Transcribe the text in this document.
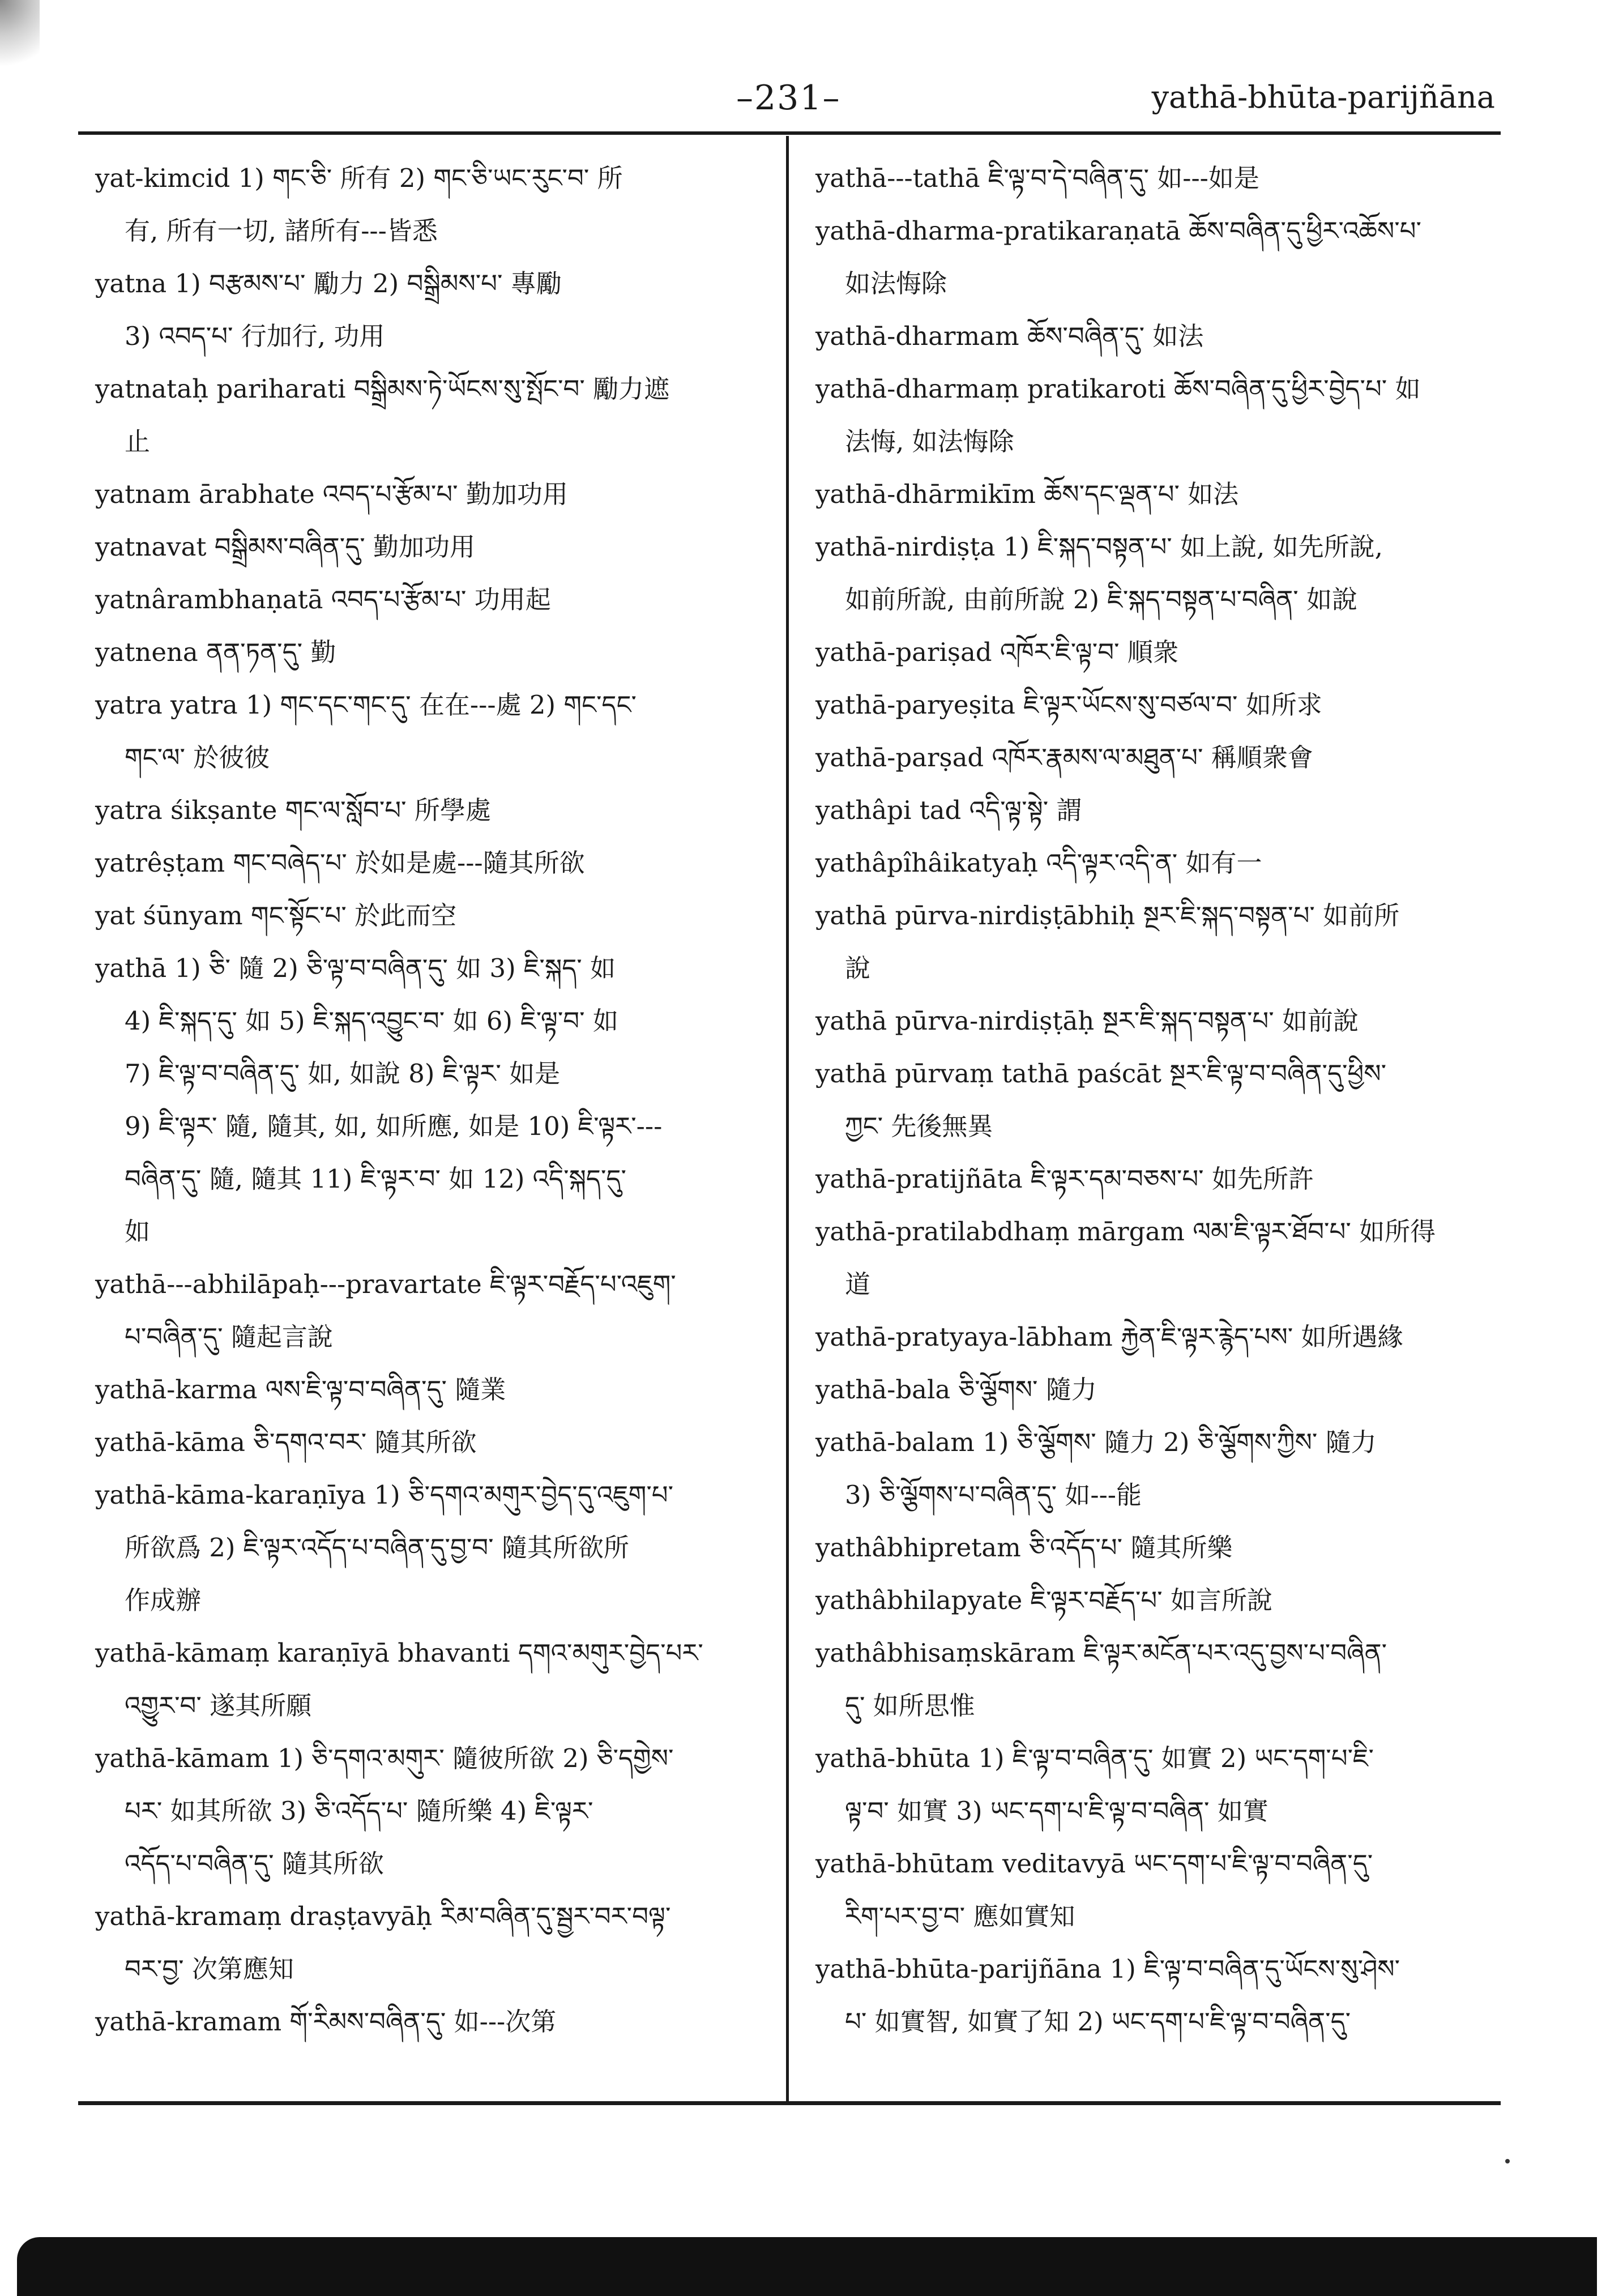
–231–	yathā-bhūta-parijñāna
yat-kimcid 1) གང་ཅི་ 所有 2) གང་ཅི་ཡང་རུང་བ་ 所

有, 所有一切, 諸所有---皆悉
yatna 1) བརྩམས་པ་ 勵力 2) བསྒྲིམས་པ་ 專勵

3) འབད་པ་ 行加行, 功用
yatnataḥ pariharati བསྒྲིམས་ཏེ་ཡོངས་སུ་སྤོང་བ་ 勵力遮

止
yatnam ārabhate འབད་པ་རྩོམ་པ་ 勤加功用
yatnavat བསྒྲིམས་བཞིན་དུ་ 勤加功用
yatnârambhaṇatā འབད་པ་རྩོམ་པ་ 功用起
yatnena ནན་ཏན་དུ་ 勤
yatra yatra 1) གང་དང་གང་དུ་ 在在---處 2) གང་དང་

གང་ལ་ 於彼彼
yatra śikṣante གང་ལ་སློབ་པ་ 所學處
yatrêṣṭam གང་བཞེད་པ་ 於如是處---隨其所欲
yat śūnyam གང་སྟོང་པ་ 於此而空
yathā 1) ཅི་ 隨 2) ཅི་ལྟ་བ་བཞིན་དུ་ 如 3) ཇི་སྐད་ 如

4) ཇི་སྐད་དུ་ 如 5) ཇི་སྐད་འབྱུང་བ་ 如 6) ཇི་ལྟ་བ་ 如
7) ཇི་ལྟ་བ་བཞིན་དུ་ 如, 如說 8) ཇི་ལྟར་ 如是
9) ཇི་ལྟར་ 隨, 隨其, 如, 如所應, 如是 10) ཇི་ལྟར་---
བཞིན་དུ་ 隨, 隨其 11) ཇི་ལྟར་བ་ 如 12) འདི་སྐད་དུ་
如
yathā---abhilāpaḥ---pravartate ཇི་ལྟར་བརྗོད་པ་འཇུག་

པ་བཞིན་དུ་ 隨起言說
yathā-karma ལས་ཇི་ལྟ་བ་བཞིན་དུ་ 隨業
yathā-kāma ཅི་དགའ་བར་ 隨其所欲
yathā-kāma-karaṇīya 1) ཅི་དགའ་མགུར་བྱེད་དུ་འཇུག་པ་

所欲爲 2) ཇི་ལྟར་འདོད་པ་བཞིན་དུ་བྱ་བ་ 隨其所欲所
作成辦
yathā-kāmaṃ karaṇīyā bhavanti དགའ་མགུར་བྱེད་པར་

འགྱུར་བ་ 遂其所願
yathā-kāmam 1) ཅི་དགའ་མགུར་ 隨彼所欲 2) ཅི་དགྱེས་

པར་ 如其所欲 3) ཅི་འདོད་པ་ 隨所樂 4) ཇི་ལྟར་
འདོད་པ་བཞིན་དུ་ 隨其所欲
yathā-kramaṃ draṣṭavyāḥ རིམ་བཞིན་དུ་སྦྱར་བར་བལྟ་

བར་བྱ་ 次第應知
yathā-kramam གོ་རིམས་བཞིན་དུ་ 如---次第
yathā---tathā ཇི་ལྟ་བ་དེ་བཞིན་དུ་ 如---如是
yathā-dharma-pratikaraṇatā ཆོས་བཞིན་དུ་ཕྱིར་འཆོས་པ་

如法悔除
yathā-dharmam ཆོས་བཞིན་དུ་ 如法
yathā-dharmaṃ pratikaroti ཆོས་བཞིན་དུ་ཕྱིར་བྱེད་པ་ 如

法悔, 如法悔除
yathā-dhārmikīm ཆོས་དང་ལྡན་པ་ 如法
yathā-nirdiṣṭa 1) ཇི་སྐད་བསྟན་པ་ 如上說, 如先所說,

如前所說, 由前所說 2) ཇི་སྐད་བསྟན་པ་བཞིན་ 如說
yathā-pariṣad འཁོར་ཇི་ལྟ་བ་ 順衆
yathā-paryeṣita ཇི་ལྟར་ཡོངས་སུ་བཙལ་བ་ 如所求
yathā-parṣad འཁོར་རྣམས་ལ་མཐུན་པ་ 稱順衆會
yathâpi tad འདི་ལྟ་སྟེ་ 謂
yathâpîhâikatyaḥ འདི་ལྟར་འདི་ན་ 如有一
yathā pūrva-nirdiṣṭābhiḥ སྔར་ཇི་སྐད་བསྟན་པ་ 如前所

說
yathā pūrva-nirdiṣṭāḥ སྔར་ཇི་སྐད་བསྟན་པ་ 如前說
yathā pūrvaṃ tathā paścāt སྔར་ཇི་ལྟ་བ་བཞིན་དུ་ཕྱིས་

ཀྱང་ 先後無異
yathā-pratijñāta ཇི་ལྟར་དམ་བཅས་པ་ 如先所許
yathā-pratilabdhaṃ mārgam ལམ་ཇི་ལྟར་ཐོབ་པ་ 如所得

道
yathā-pratyaya-lābham རྐྱེན་ཇི་ལྟར་རྙེད་པས་ 如所遇緣
yathā-bala ཅི་ལྕོགས་ 隨力
yathā-balam 1) ཅི་ལྕོགས་ 隨力 2) ཅི་ལྕོགས་ཀྱིས་ 隨力

3) ཅི་ལྕོགས་པ་བཞིན་དུ་ 如---能
yathâbhipretam ཅི་འདོད་པ་ 隨其所樂
yathâbhilapyate ཇི་ལྟར་བརྗོད་པ་ 如言所說
yathâbhisaṃskāram ཇི་ལྟར་མངོན་པར་འདུ་བྱས་པ་བཞིན་

དུ་ 如所思惟
yathā-bhūta 1) ཇི་ལྟ་བ་བཞིན་དུ་ 如實 2) ཡང་དག་པ་ཇི་

ལྟ་བ་ 如實 3) ཡང་དག་པ་ཇི་ལྟ་བ་བཞིན་ 如實
yathā-bhūtam veditavyā ཡང་དག་པ་ཇི་ལྟ་བ་བཞིན་དུ་

རིག་པར་བྱ་བ་ 應如實知
yathā-bhūta-parijñāna 1) ཇི་ལྟ་བ་བཞིན་དུ་ཡོངས་སུ་ཤེས་

པ་ 如實智, 如實了知 2) ཡང་དག་པ་ཇི་ལྟ་བ་བཞིན་དུ་
